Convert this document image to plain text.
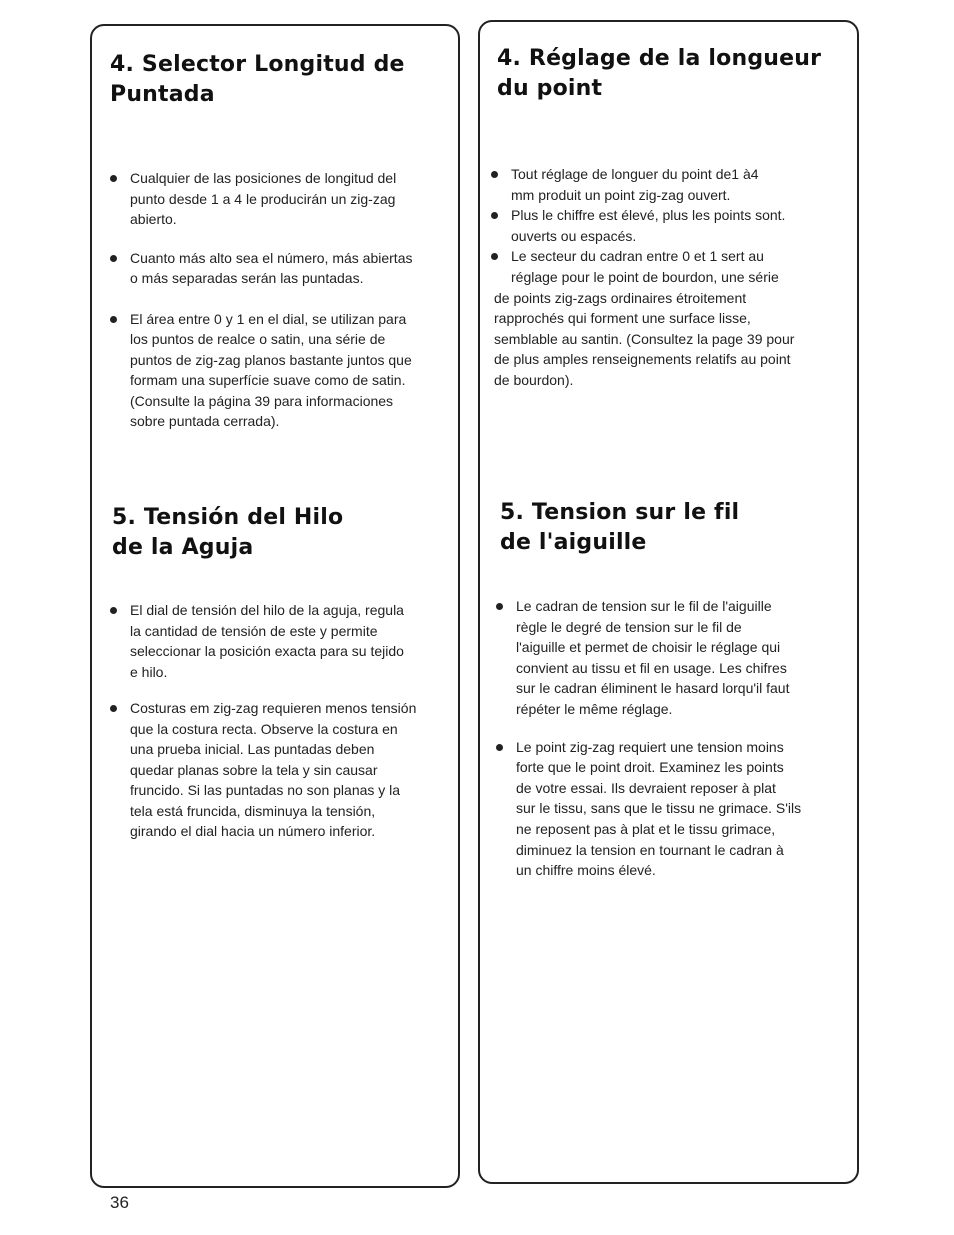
4. Selector Longitud de
Puntada
Cualquier de las posiciones de longitud del
punto desde 1 a 4 le producirán un zig-zag
abierto.
Cuanto más alto sea el número, más abiertas
o más separadas serán las puntadas.
El área entre 0 y 1 en el dial, se utilizan para
los puntos de realce o satin, una série de
puntos de zig-zag planos bastante juntos que
formam una superfície suave como de satin.
(Consulte la página 39 para informaciones
sobre puntada cerrada).
5. Tensión del Hilo
de la Aguja
El dial de tensión del hilo de la aguja, regula
la cantidad de tensión de este y permite
seleccionar la posición exacta para su tejido
e hilo.
Costuras em zig-zag requieren menos tensión
que la costura recta. Observe la costura en
una prueba inicial. Las puntadas deben
quedar planas sobre la tela y sin causar
fruncido. Si las puntadas no son planas y la
tela está fruncida, disminuya la tensión,
girando el dial hacia un número inferior.
4. Réglage de la longueur
du point
Tout réglage de longuer du point de1 à4
mm produit un point zig-zag ouvert.
Plus le chiffre est élevé, plus les points sont.
ouverts ou espacés.
Le secteur du cadran entre 0 et 1 sert au
réglage pour le point de bourdon, une série
de points zig-zags ordinaires étroitement
rapprochés qui forment une surface lisse,
semblable au santin. (Consultez la page 39 pour
de plus amples renseignements relatifs au point
de bourdon).
5. Tension sur le fil
de l'aiguille
Le cadran de tension sur le fil de l'aiguille
règle le degré de tension sur le fil de
l'aiguille et permet de choisir le réglage qui
convient au tissu et fil en usage. Les chifres
sur le cadran éliminent le hasard lorqu'il faut
répéter le même réglage.
Le point zig-zag requiert une tension moins
forte que le point droit. Examinez les points
de votre essai. Ils devraient reposer à plat
sur le tissu, sans que le tissu ne grimace. S'ils
ne reposent pas à plat et le tissu grimace,
diminuez la tension en tournant le cadran à
un chiffre moins élevé.
36
